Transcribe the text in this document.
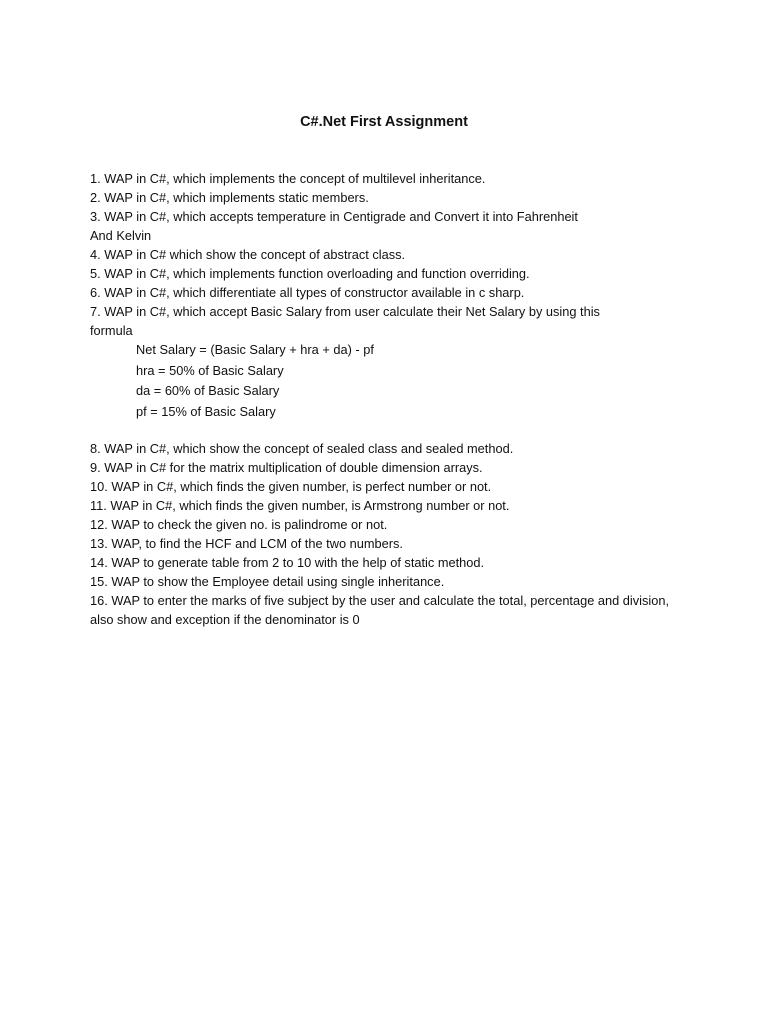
C#.Net First Assignment
1. WAP in C#, which implements the concept of multilevel inheritance.
2. WAP in C#, which implements static members.
3. WAP in C#, which accepts temperature in Centigrade and Convert it into Fahrenheit
And Kelvin
4. WAP in C# which show the concept of abstract class.
5. WAP in C#, which implements function overloading and function overriding.
6. WAP in C#, which differentiate all types of constructor available in c sharp.
7. WAP in C#, which accept Basic Salary from user calculate their Net Salary by using this
formula
Net Salary = (Basic Salary + hra + da) - pf
hra = 50% of Basic Salary
da = 60% of Basic Salary
pf = 15% of Basic Salary
8. WAP in C#, which show the concept of sealed class and sealed method.
9. WAP in C# for the matrix multiplication of double dimension arrays.
10. WAP in C#, which finds the given number, is perfect number or not.
11. WAP in C#, which finds the given number, is Armstrong number or not.
12. WAP to check the given no. is palindrome or not.
13. WAP, to find the HCF and LCM of the two numbers.
14. WAP to generate table from 2 to 10 with the help of static method.
15. WAP to show the Employee detail using single inheritance.
16. WAP to enter the marks of five subject by the user and calculate the total, percentage and division, also show and exception if the denominator is 0
